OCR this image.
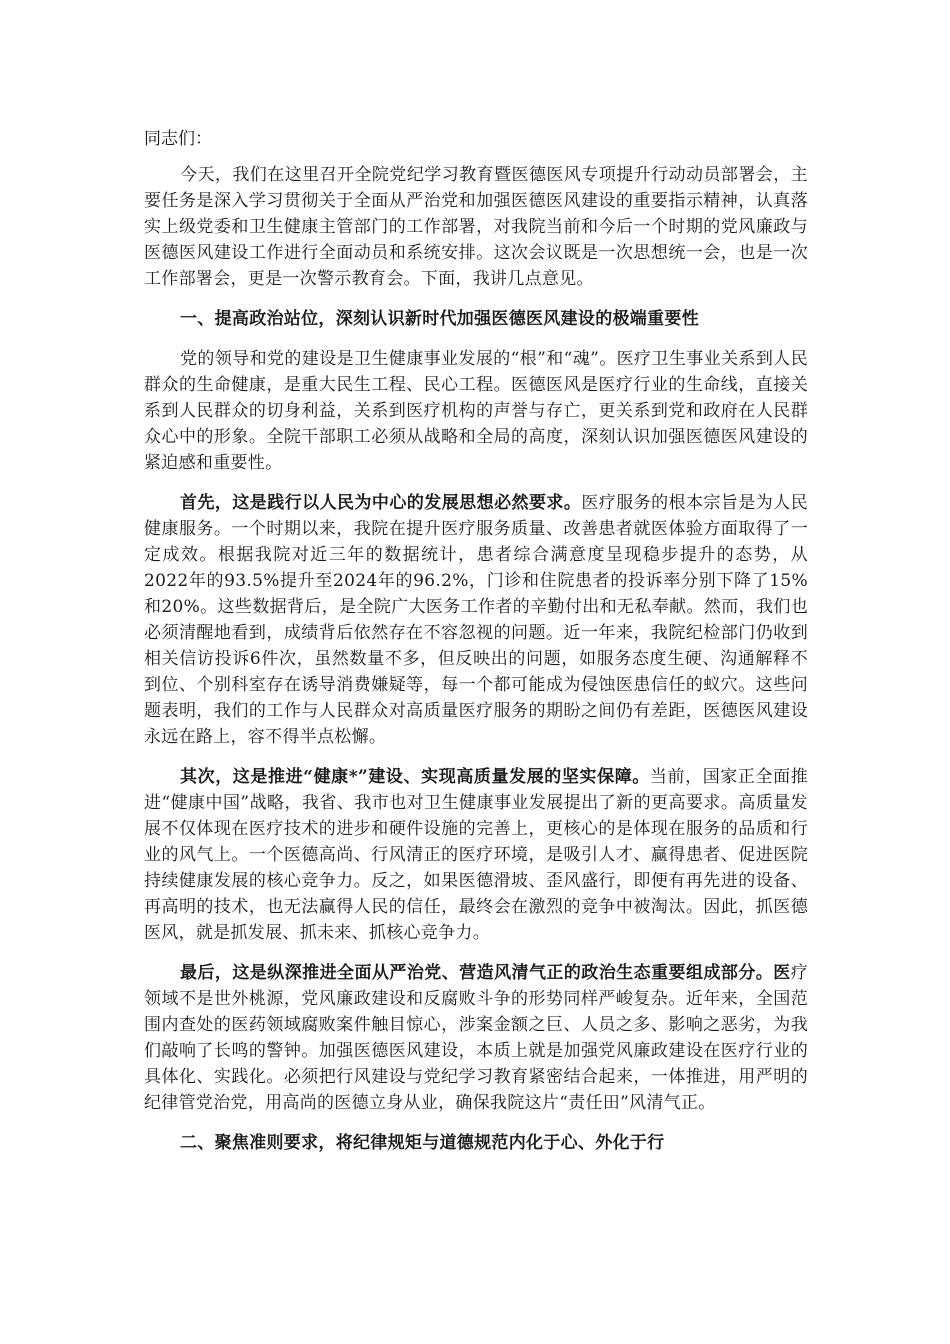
同志们：

今天，我们在这里召开全院党纪学习教育暨医德医风专项提升行动动员部署会，主要任务是深入学习贯彻关于全面从严治党和加强医德医风建设的重要指示精神，认真落实上级党委和卫生健康主管部门的工作部署，对我院当前和今后一个时期的党风廉政与医德医风建设工作进行全面动员和系统安排。这次会议既是一次思想统一会，也是一次工作部署会，更是一次警示教育会。下面，我讲几点意见。

一、提高政治站位，深刻认识新时代加强医德医风建设的极端重要性

党的领导和党的建设是卫生健康事业发展的“根”和“魂”。医疗卫生事业关系到人民群众的生命健康，是重大民生工程、民心工程。医德医风是医疗行业的生命线，直接关系到人民群众的切身利益，关系到医疗机构的声誉与存亡，更关系到党和政府在人民群众心中的形象。全院干部职工必须从战略和全局的高度，深刻认识加强医德医风建设的紧迫感和重要性。

首先，这是践行以人民为中心的发展思想必然要求。医疗服务的根本宗旨是为人民健康服务。一个时期以来，我院在提升医疗服务质量、改善患者就医体验方面取得了一定成效。根据我院对近三年的数据统计，患者综合满意度呈现稳步提升的态势，从2022年的93.5%提升至2024年的96.2%，门诊和住院患者的投诉率分别下降了15%和20%。这些数据背后，是全院广大医务工作者的辛勤付出和无私奉献。然而，我们也必须清醒地看到，成绩背后依然存在不容忽视的问题。近一年来，我院纪检部门仍收到相关信访投诉6件次，虽然数量不多，但反映出的问题，如服务态度生硬、沟通解释不到位、个别科室存在诱导消费嫌疑等，每一个都可能成为侵蚀医患信任的蚁穴。这些问题表明，我们的工作与人民群众对高质量医疗服务的期盼之间仍有差距，医德医风建设永远在路上，容不得半点松懈。

其次，这是推进“健康*”建设、实现高质量发展的坚实保障。当前，国家正全面推进“健康中国”战略，我省、我市也对卫生健康事业发展提出了新的更高要求。高质量发展不仅体现在医疗技术的进步和硬件设施的完善上，更核心的是体现在服务的品质和行业的风气上。一个医德高尚、行风清正的医疗环境，是吸引人才、赢得患者、促进医院持续健康发展的核心竞争力。反之，如果医德滑坡、歪风盛行，即便有再先进的设备、再高明的技术，也无法赢得人民的信任，最终会在激烈的竞争中被淘汰。因此，抓医德医风，就是抓发展、抓未来、抓核心竞争力。

最后，这是纵深推进全面从严治党、营造风清气正的政治生态重要组成部分。医疗领域不是世外桃源，党风廉政建设和反腐败斗争的形势同样严峻复杂。近年来，全国范围内查处的医药领域腐败案件触目惊心，涉案金额之巨、人员之多、影响之恶劣，为我们敲响了长鸣的警钟。加强医德医风建设，本质上就是加强党风廉政建设在医疗行业的具体化、实践化。必须把行风建设与党纪学习教育紧密结合起来，一体推进，用严明的纪律管党治党，用高尚的医德立身从业，确保我院这片“责任田”风清气正。

二、聚焦准则要求，将纪律规矩与道德规范内化于心、外化于行
